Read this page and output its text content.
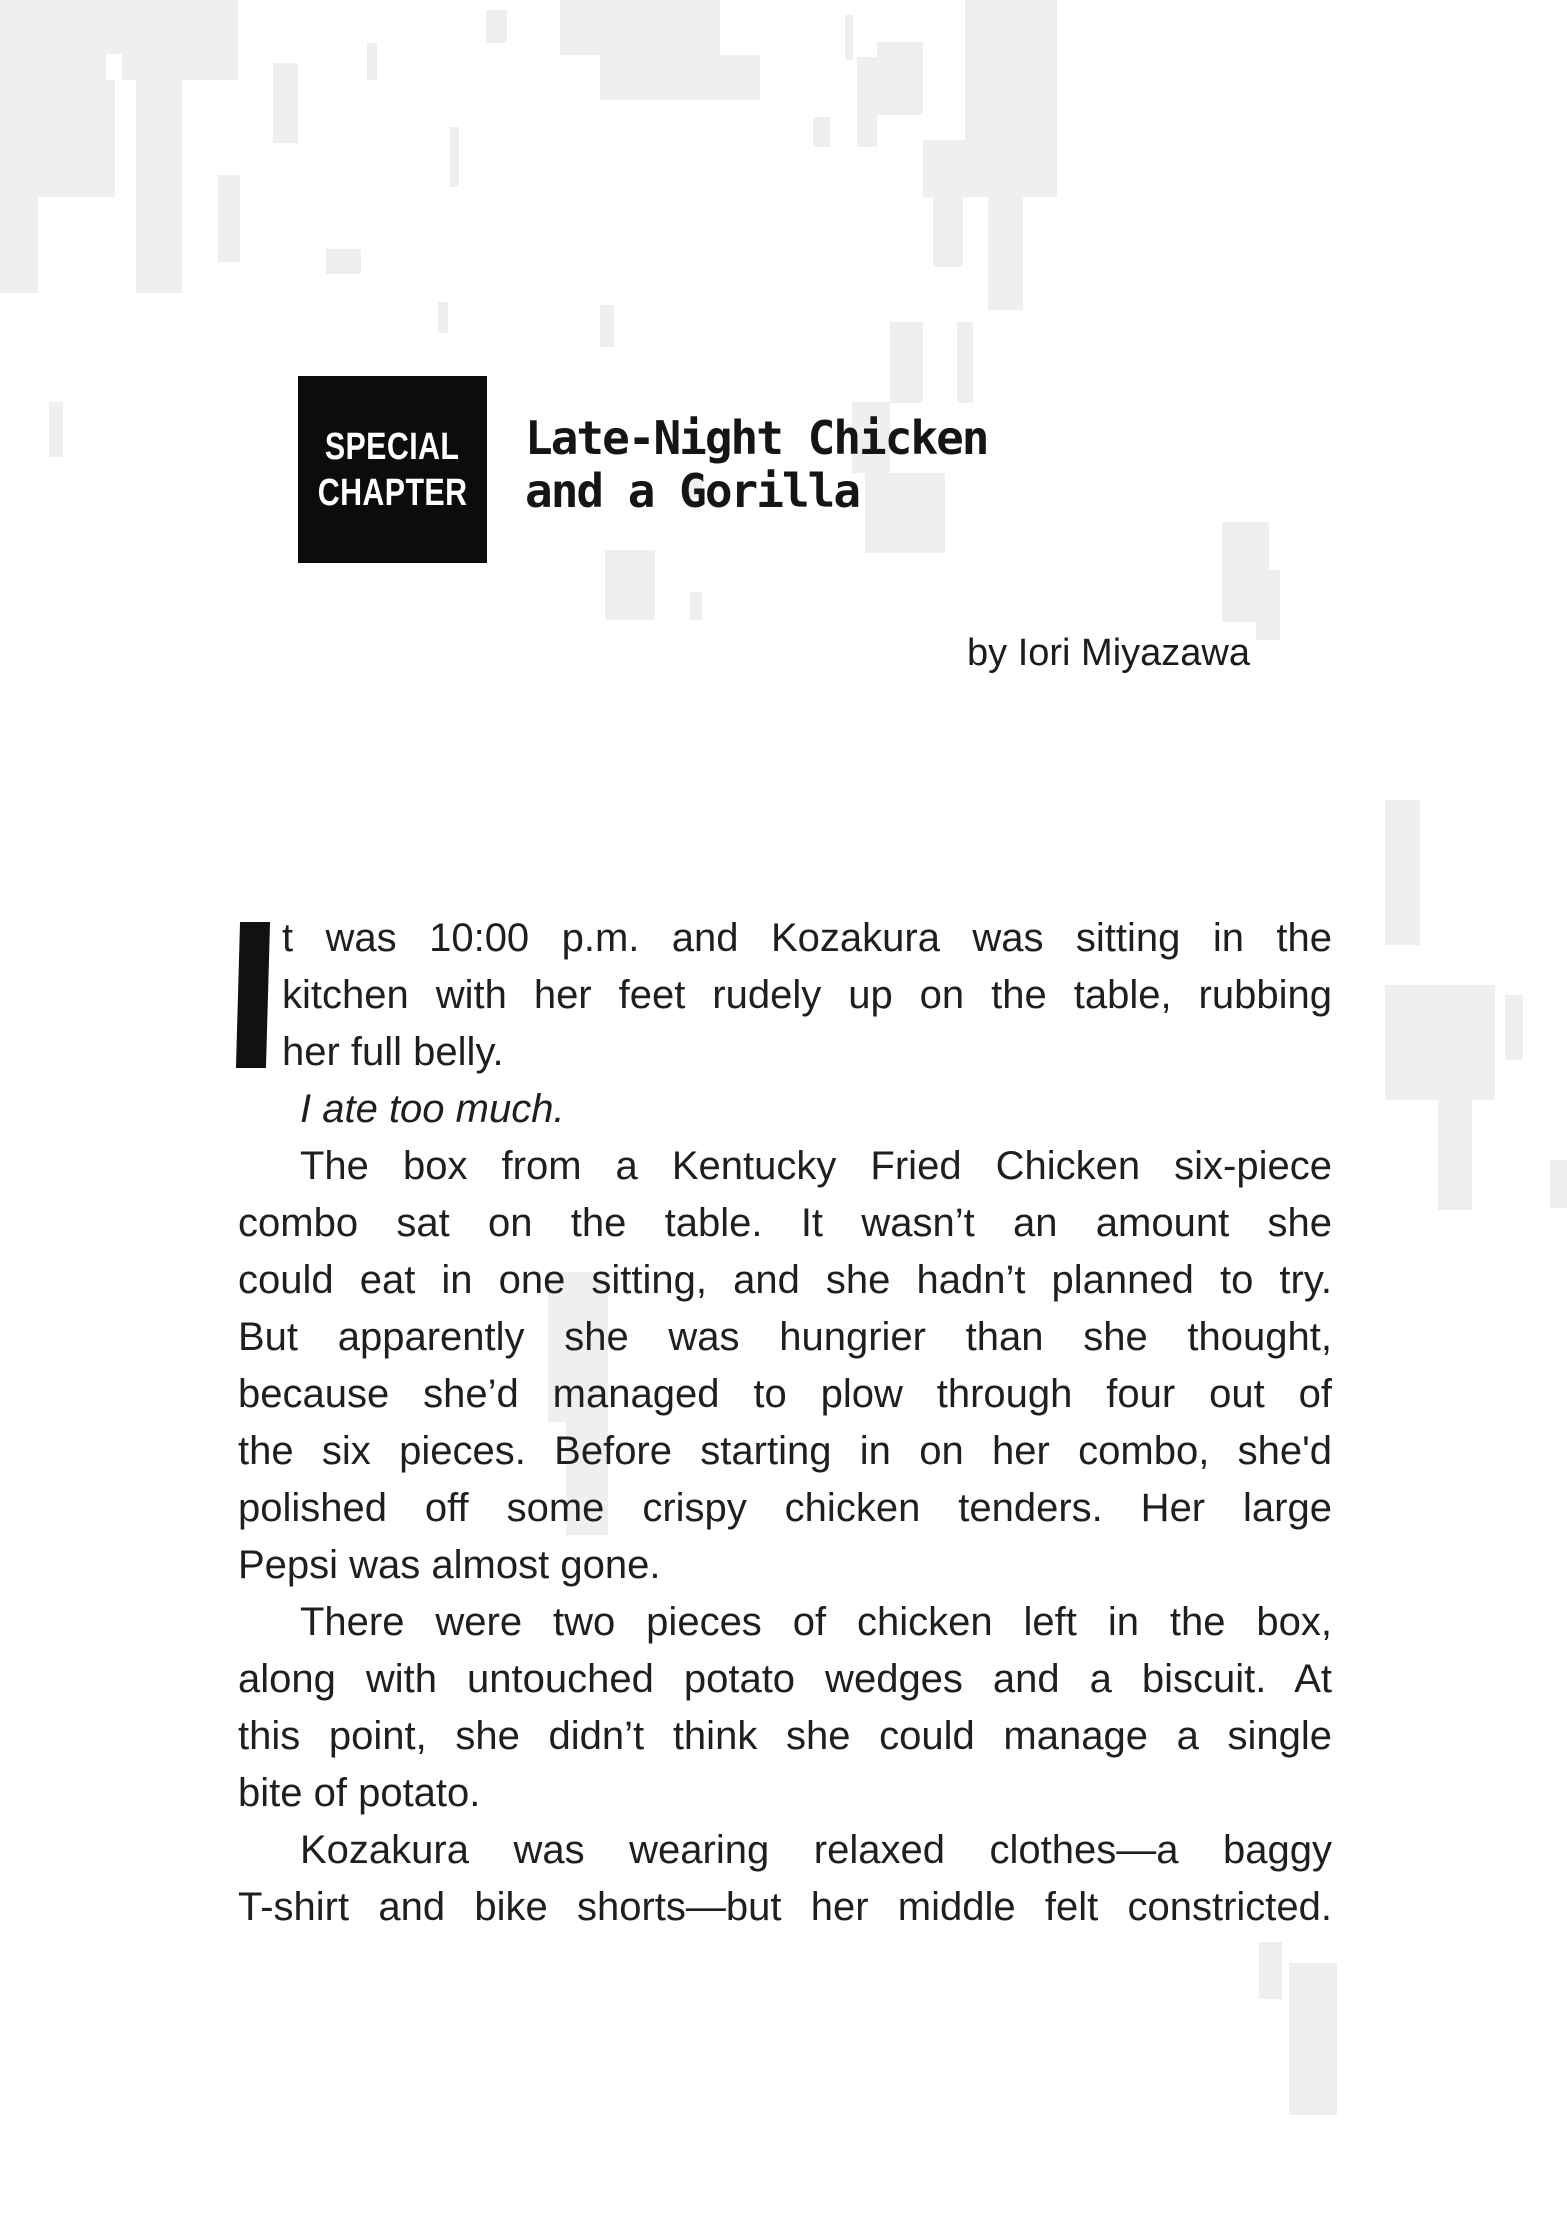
SPECIAL
CHAPTER
Late-Night Chicken
and a Gorilla
by Iori Miyazawa
t was 10:00 p.m. and Kozakura was sitting in the
kitchen with her feet rudely up on the table, rubbing
her full belly.
I ate too much.
The box from a Kentucky Fried Chicken six-piece
combo sat on the table. It wasn’t an amount she
could eat in one sitting, and she hadn’t planned to try.
But apparently she was hungrier than she thought,
because she’d managed to plow through four out of
the six pieces. Before starting in on her combo, she'd
polished off some crispy chicken tenders. Her large
Pepsi was almost gone.
There were two pieces of chicken left in the box,
along with untouched potato wedges and a biscuit. At
this point, she didn’t think she could manage a single
bite of potato.
Kozakura was wearing relaxed clothes—a baggy
T-shirt and bike shorts—but her middle felt constricted.
